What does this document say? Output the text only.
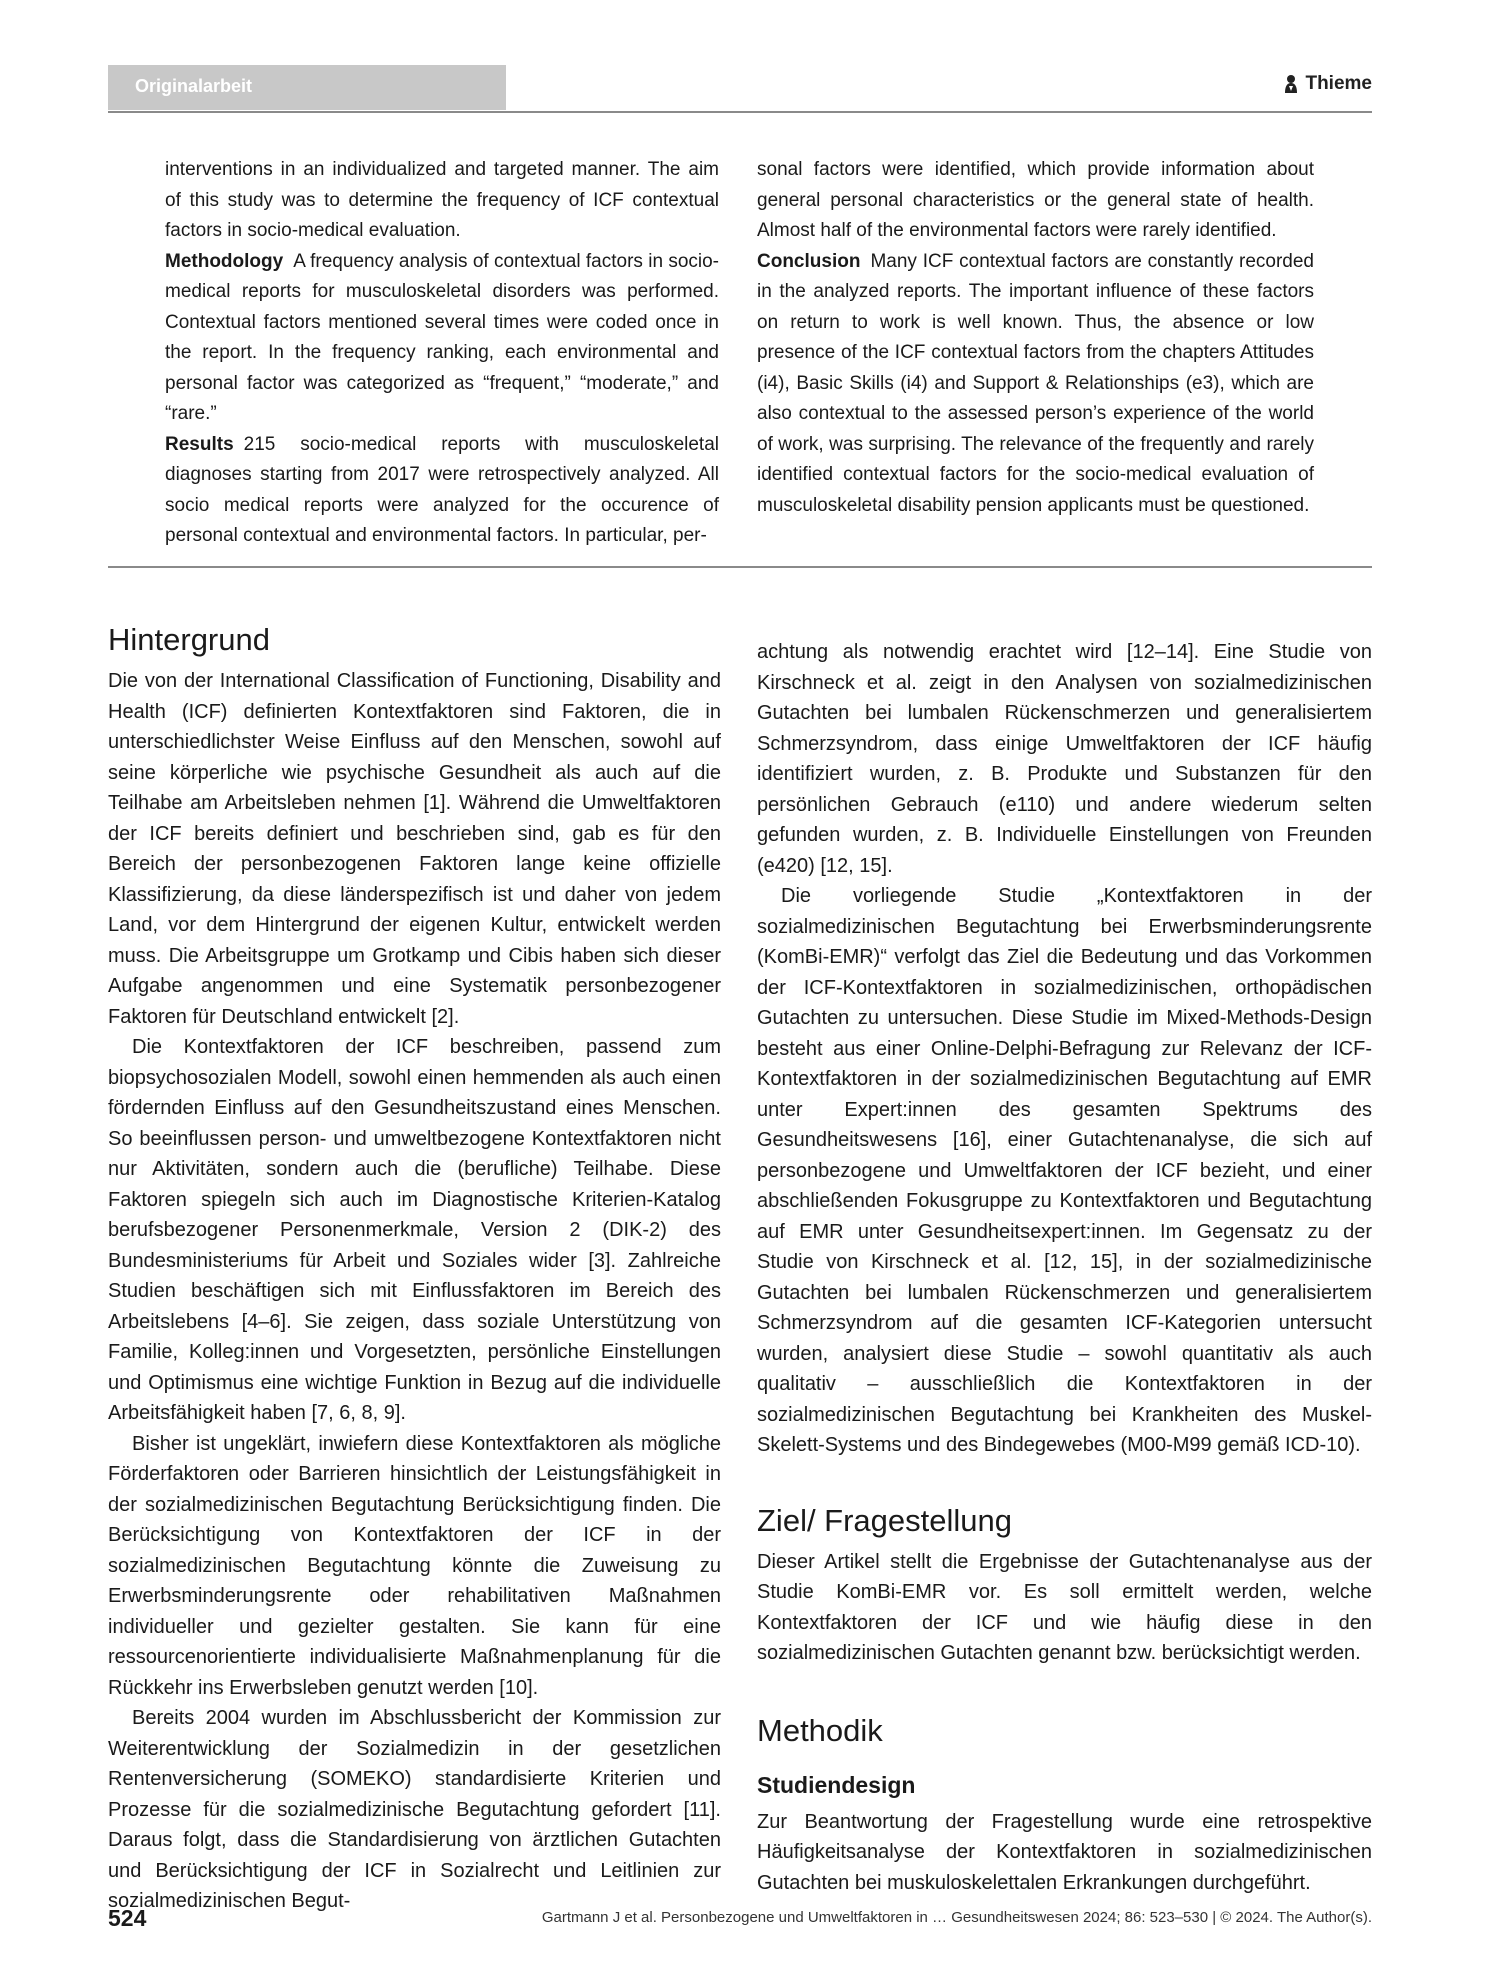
Originalarbeit	Thieme

interventions in an individualized and targeted manner. The aim of this study was to determine the frequency of ICF contextual factors in socio-medical evaluation.

Methodology A frequency analysis of contextual factors in socio-medical reports for musculoskeletal disorders was performed. Contextual factors mentioned several times were coded once in the report. In the frequency ranking, each environmental and personal factor was categorized as “frequent,” “moderate,” and “rare.”

Results 215 socio-medical reports with musculoskeletal diagnoses starting from 2017 were retrospectively analyzed. All socio medical reports were analyzed for the occurence of personal contextual and environmental factors. In particular, per-

sonal factors were identified, which provide information about general personal characteristics or the general state of health. Almost half of the environmental factors were rarely identified.

Conclusion Many ICF contextual factors are constantly recorded in the analyzed reports. The important influence of these factors on return to work is well known. Thus, the absence or low presence of the ICF contextual factors from the chapters Attitudes (i4), Basic Skills (i4) and Support & Relationships (e3), which are also contextual to the assessed person’s experience of the world of work, was surprising. The relevance of the frequently and rarely identified contextual factors for the socio-medical evaluation of musculoskeletal disability pension applicants must be questioned.

Hintergrund

Die von der International Classification of Functioning, Disability and Health (ICF) definierten Kontextfaktoren sind Faktoren, die in unterschiedlichster Weise Einfluss auf den Menschen, sowohl auf seine körperliche wie psychische Gesundheit als auch auf die Teilhabe am Arbeitsleben nehmen [1]. Während die Umweltfaktoren der ICF bereits definiert und beschrieben sind, gab es für den Bereich der personbezogenen Faktoren lange keine offizielle Klassifizierung, da diese länderspezifisch ist und daher von jedem Land, vor dem Hintergrund der eigenen Kultur, entwickelt werden muss. Die Arbeitsgruppe um Grotkamp und Cibis haben sich dieser Aufgabe angenommen und eine Systematik personbezogener Faktoren für Deutschland entwickelt [2].

Die Kontextfaktoren der ICF beschreiben, passend zum biopsychosozialen Modell, sowohl einen hemmenden als auch einen fördernden Einfluss auf den Gesundheitszustand eines Menschen. So beeinflussen person- und umweltbezogene Kontextfaktoren nicht nur Aktivitäten, sondern auch die (berufliche) Teilhabe. Diese Faktoren spiegeln sich auch im Diagnostische Kriterien-Katalog berufsbezogener Personenmerkmale, Version 2 (DIK-2) des Bundesministeriums für Arbeit und Soziales wider [3]. Zahlreiche Studien beschäftigen sich mit Einflussfaktoren im Bereich des Arbeitslebens [4–6]. Sie zeigen, dass soziale Unterstützung von Familie, Kolleg:innen und Vorgesetzten, persönliche Einstellungen und Optimismus eine wichtige Funktion in Bezug auf die individuelle Arbeitsfähigkeit haben [7, 6, 8, 9].

Bisher ist ungeklärt, inwiefern diese Kontextfaktoren als mögliche Förderfaktoren oder Barrieren hinsichtlich der Leistungsfähigkeit in der sozialmedizinischen Begutachtung Berücksichtigung finden. Die Berücksichtigung von Kontextfaktoren der ICF in der sozialmedizinischen Begutachtung könnte die Zuweisung zu Erwerbsminderungsrente oder rehabilitativen Maßnahmen individueller und gezielter gestalten. Sie kann für eine ressourcenorientierte individualisierte Maßnahmenplanung für die Rückkehr ins Erwerbsleben genutzt werden [10].

Bereits 2004 wurden im Abschlussbericht der Kommission zur Weiterentwicklung der Sozialmedizin in der gesetzlichen Rentenversicherung (SOMEKO) standardisierte Kriterien und Prozesse für die sozialmedizinische Begutachtung gefordert [11]. Daraus folgt, dass die Standardisierung von ärztlichen Gutachten und Berücksichtigung der ICF in Sozialrecht und Leitlinien zur sozialmedizinischen Begut-

achtung als notwendig erachtet wird [12–14]. Eine Studie von Kirschneck et al. zeigt in den Analysen von sozialmedizinischen Gutachten bei lumbalen Rückenschmerzen und generalisiertem Schmerzsyndrom, dass einige Umweltfaktoren der ICF häufig identifiziert wurden, z. B. Produkte und Substanzen für den persönlichen Gebrauch (e110) und andere wiederum selten gefunden wurden, z. B. Individuelle Einstellungen von Freunden (e420) [12, 15].

Die vorliegende Studie „Kontextfaktoren in der sozialmedizinischen Begutachtung bei Erwerbsminderungsrente (KomBi-EMR)“ verfolgt das Ziel die Bedeutung und das Vorkommen der ICF-Kontextfaktoren in sozialmedizinischen, orthopädischen Gutachten zu untersuchen. Diese Studie im Mixed-Methods-Design besteht aus einer Online-Delphi-Befragung zur Relevanz der ICF-Kontextfaktoren in der sozialmedizinischen Begutachtung auf EMR unter Expert:innen des gesamten Spektrums des Gesundheitswesens [16], einer Gutachtenanalyse, die sich auf personbezogene und Umweltfaktoren der ICF bezieht, und einer abschließenden Fokusgruppe zu Kontextfaktoren und Begutachtung auf EMR unter Gesundheitsexpert:innen. Im Gegensatz zu der Studie von Kirschneck et al. [12, 15], in der sozialmedizinische Gutachten bei lumbalen Rückenschmerzen und generalisiertem Schmerzsyndrom auf die gesamten ICF-Kategorien untersucht wurden, analysiert diese Studie – sowohl quantitativ als auch qualitativ – ausschließlich die Kontextfaktoren in der sozialmedizinischen Begutachtung bei Krankheiten des Muskel-Skelett-Systems und des Bindegewebes (M00-M99 gemäß ICD-10).

Ziel/ Fragestellung

Dieser Artikel stellt die Ergebnisse der Gutachtenanalyse aus der Studie KomBi-EMR vor. Es soll ermittelt werden, welche Kontextfaktoren der ICF und wie häufig diese in den sozialmedizinischen Gutachten genannt bzw. berücksichtigt werden.

Methodik
Studiendesign

Zur Beantwortung der Fragestellung wurde eine retrospektive Häufigkeitsanalyse der Kontextfaktoren in sozialmedizinischen Gutachten bei muskuloskelettalen Erkrankungen durchgeführt.

524	Gartmann J et al. Personbezogene und Umweltfaktoren in … Gesundheitswesen 2024; 86: 523–530 | © 2024. The Author(s).
